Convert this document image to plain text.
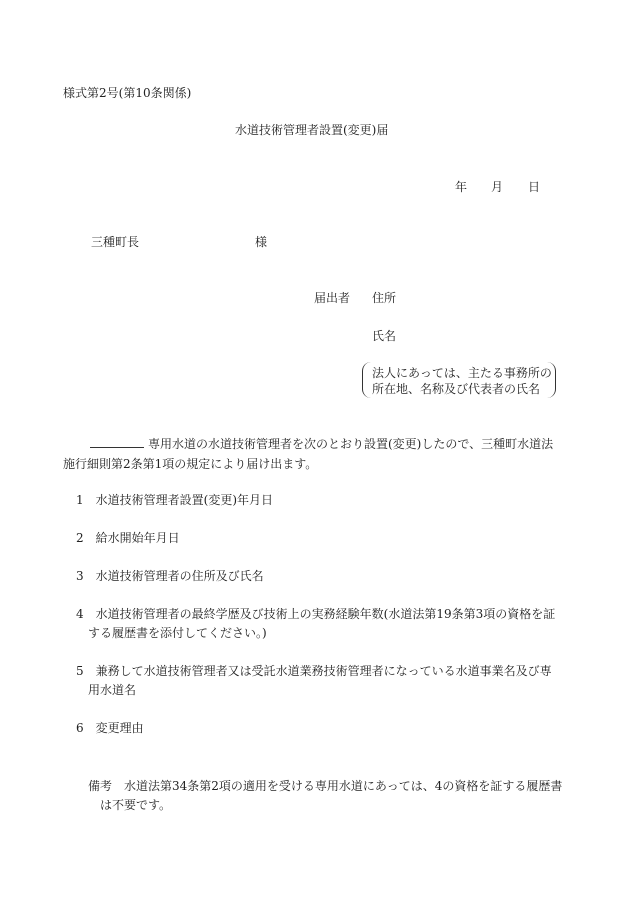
様式第2号(第10条関係)
水道技術管理者設置(変更)届
年 月 日
三種町長	様
届出者 住所
氏名
法人にあっては、主たる事務所の
所在地、名称及び代表者の氏名
専用水道の水道技術管理者を次のとおり設置(変更)したので、三種町水道法
施行細則第2条第1項の規定により届け出ます。
1　水道技術管理者設置(変更)年月日
2　給水開始年月日
3　水道技術管理者の住所及び氏名
4　水道技術管理者の最終学歴及び技術上の実務経験年数(水道法第19条第3項の資格を証
　する履歴書を添付してください。)
5　兼務して水道技術管理者又は受託水道業務技術管理者になっている水道事業名及び専
　用水道名
6　変更理由
備考　水道法第34条第2項の適用を受ける専用水道にあっては、4の資格を証する履歴書
は不要です。
